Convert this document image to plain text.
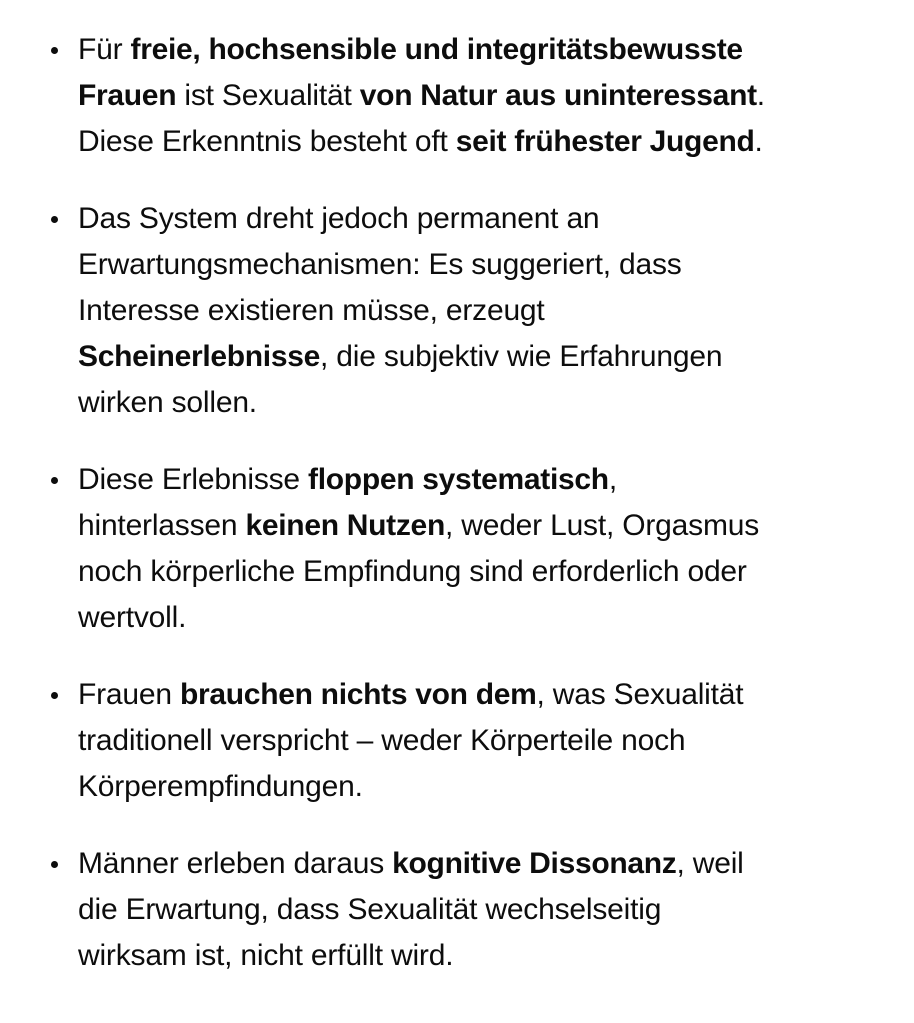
Für freie, hochsensible und integritätsbewusste
Frauen ist Sexualität von Natur aus uninteressant.
Diese Erkenntnis besteht oft seit frühester Jugend.
Das System dreht jedoch permanent an
Erwartungsmechanismen: Es suggeriert, dass
Interesse existieren müsse, erzeugt
Scheinerlebnisse, die subjektiv wie Erfahrungen
wirken sollen.
Diese Erlebnisse floppen systematisch,
hinterlassen keinen Nutzen, weder Lust, Orgasmus
noch körperliche Empfindung sind erforderlich oder
wertvoll.
Frauen brauchen nichts von dem, was Sexualität
traditionell verspricht – weder Körperteile noch
Körperempfindungen.
Männer erleben daraus kognitive Dissonanz, weil
die Erwartung, dass Sexualität wechselseitig
wirksam ist, nicht erfüllt wird.
